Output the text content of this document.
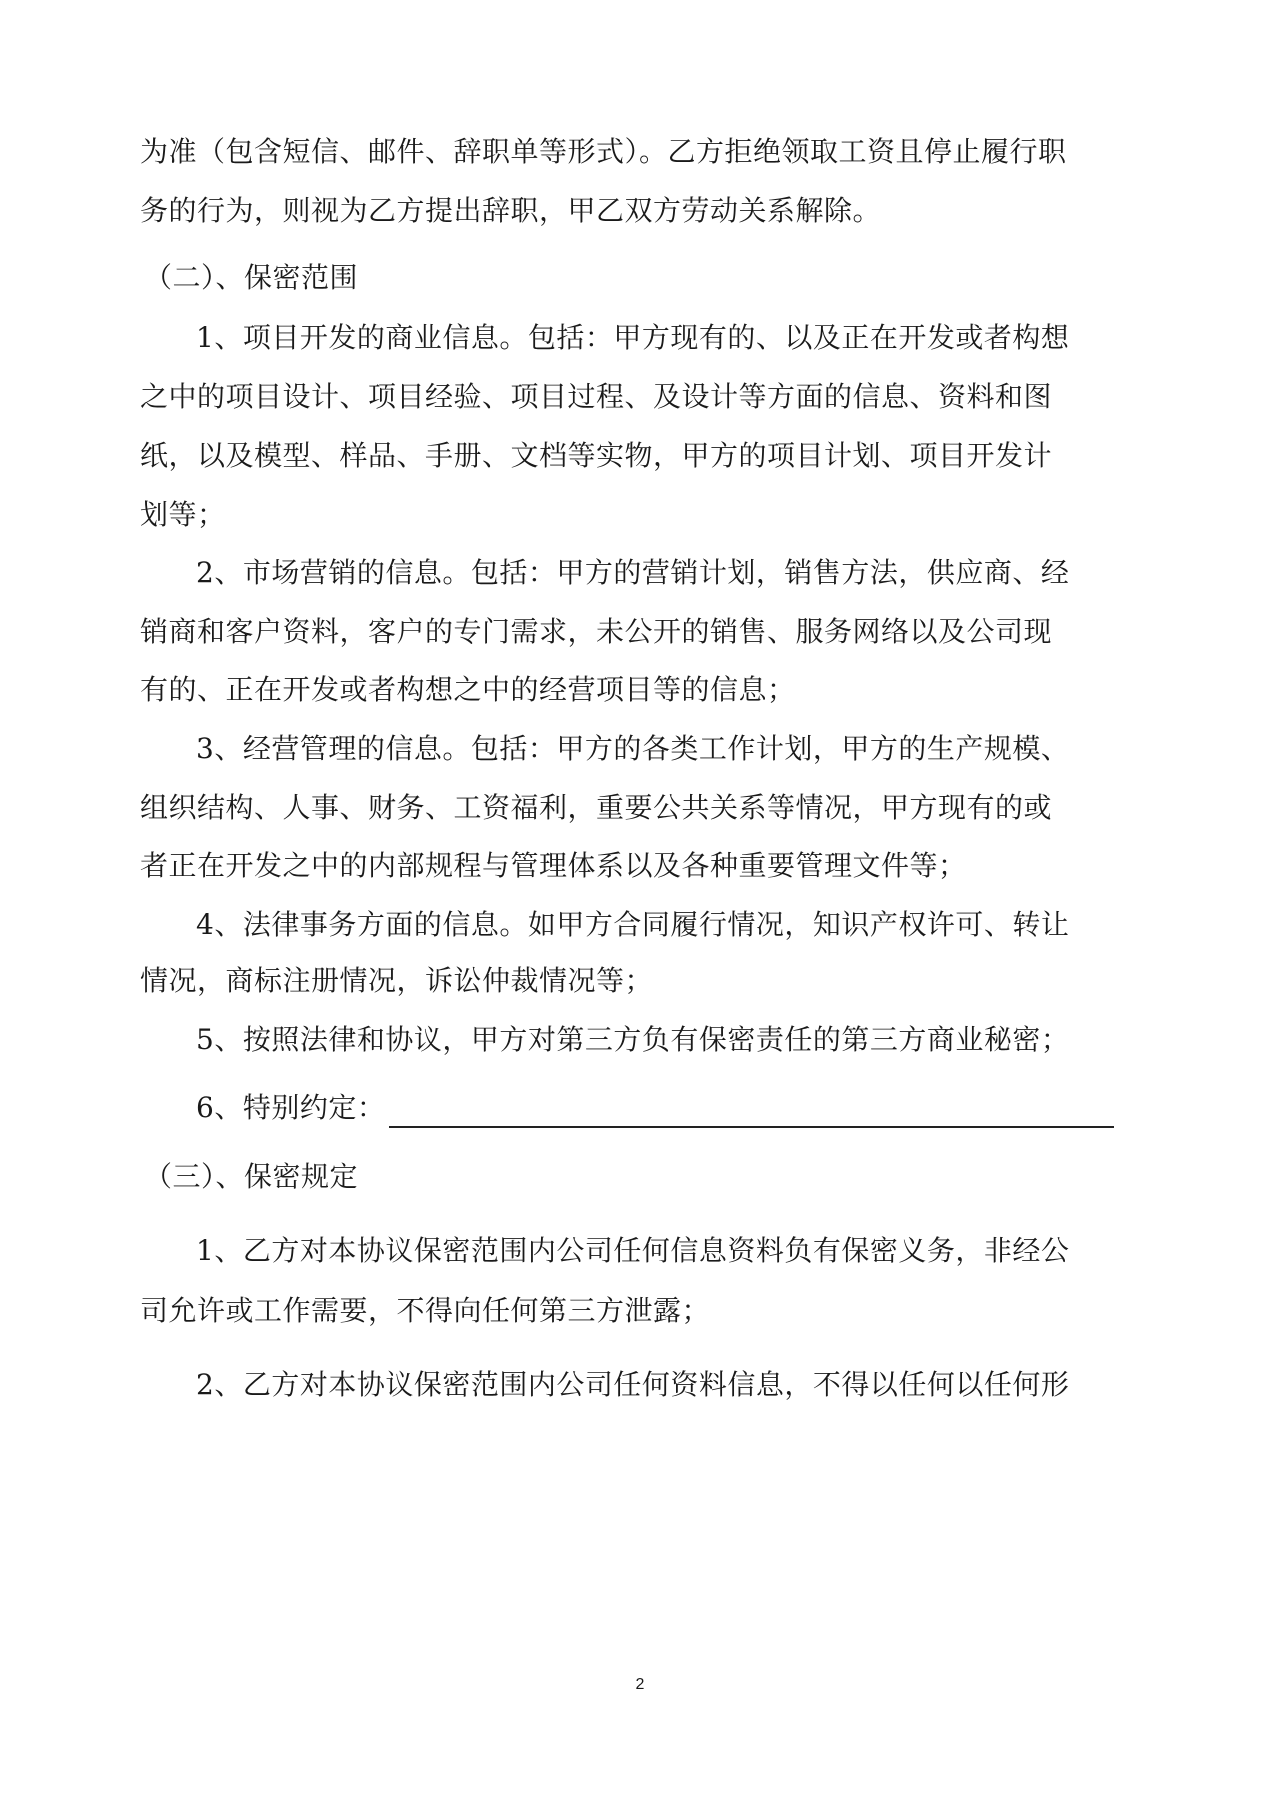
为准（包含短信、邮件、辞职单等形式）。乙方拒绝领取工资且停止履行职
务的行为，则视为乙方提出辞职，甲乙双方劳动关系解除。
（二）、保密范围
1、项目开发的商业信息。包括：甲方现有的、以及正在开发或者构想
之中的项目设计、项目经验、项目过程、及设计等方面的信息、资料和图
纸，以及模型、样品、手册、文档等实物，甲方的项目计划、项目开发计
划等；
2、市场营销的信息。包括：甲方的营销计划，销售方法，供应商、经
销商和客户资料，客户的专门需求，未公开的销售、服务网络以及公司现
有的、正在开发或者构想之中的经营项目等的信息；
3、经营管理的信息。包括：甲方的各类工作计划，甲方的生产规模、
组织结构、人事、财务、工资福利，重要公共关系等情况，甲方现有的或
者正在开发之中的内部规程与管理体系以及各种重要管理文件等；
4、法律事务方面的信息。如甲方合同履行情况，知识产权许可、转让
情况，商标注册情况，诉讼仲裁情况等；
5、按照法律和协议，甲方对第三方负有保密责任的第三方商业秘密；
6、特别约定：
（三）、保密规定
1、乙方对本协议保密范围内公司任何信息资料负有保密义务，非经公
司允许或工作需要，不得向任何第三方泄露；
2、乙方对本协议保密范围内公司任何资料信息，不得以任何以任何形
2
